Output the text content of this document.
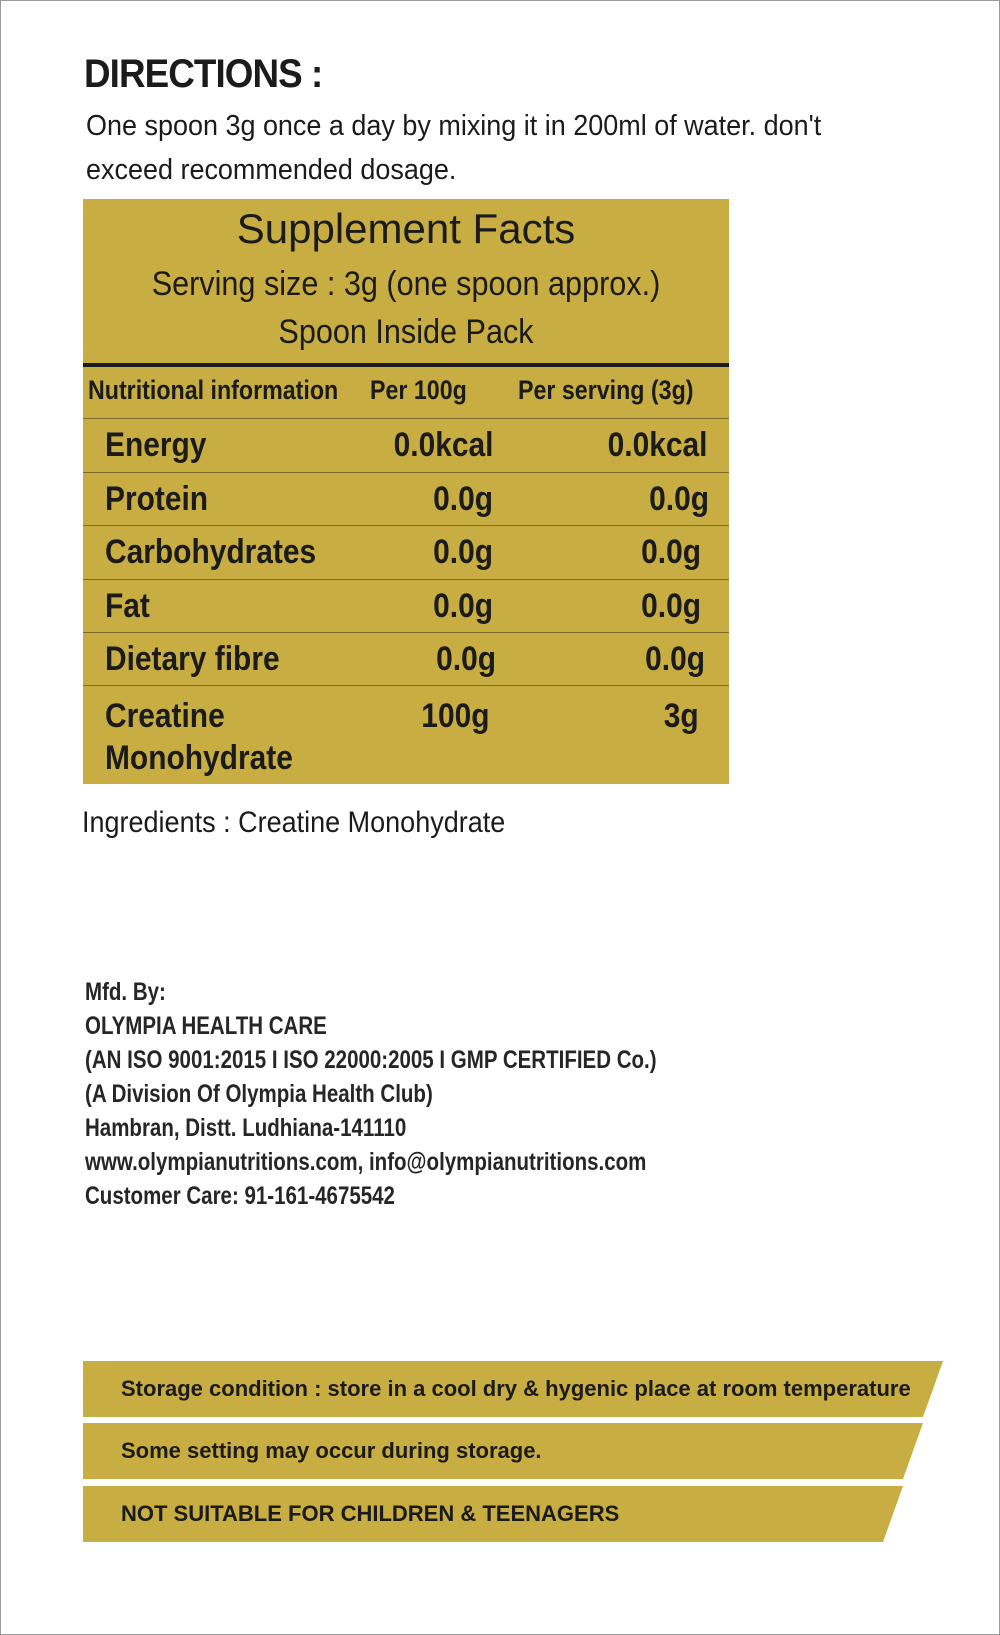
DIRECTIONS :

One spoon 3g once a day by mixing it in 200ml of water. don't exceed recommended dosage.

Supplement Facts
Serving size : 3g (one spoon approx.)
Spoon Inside Pack
Nutritional information Per 100g Per serving (3g)
Energy	0.0kcal	0.0kcal
Protein	0.0g	0.0g
Carbohydrates	0.0g	0.0g
Fat	0.0g	0.0g
Dietary fibre	0.0g	0.0g
Creatine
Monohydrate
100g	3g

Ingredients : Creatine Monohydrate

Mfd. By:
OLYMPIA HEALTH CARE
(AN ISO 9001:2015 I ISO 22000:2005 I GMP CERTIFIED Co.)
(A Division Of Olympia Health Club)
Hambran, Distt. Ludhiana-141110
www.olympianutritions.com, info@olympianutritions.com
Customer Care: 91-161-4675542
Storage condition : store in a cool dry & hygenic place at room temperature
Some setting may occur during storage.
NOT SUITABLE FOR CHILDREN & TEENAGERS
